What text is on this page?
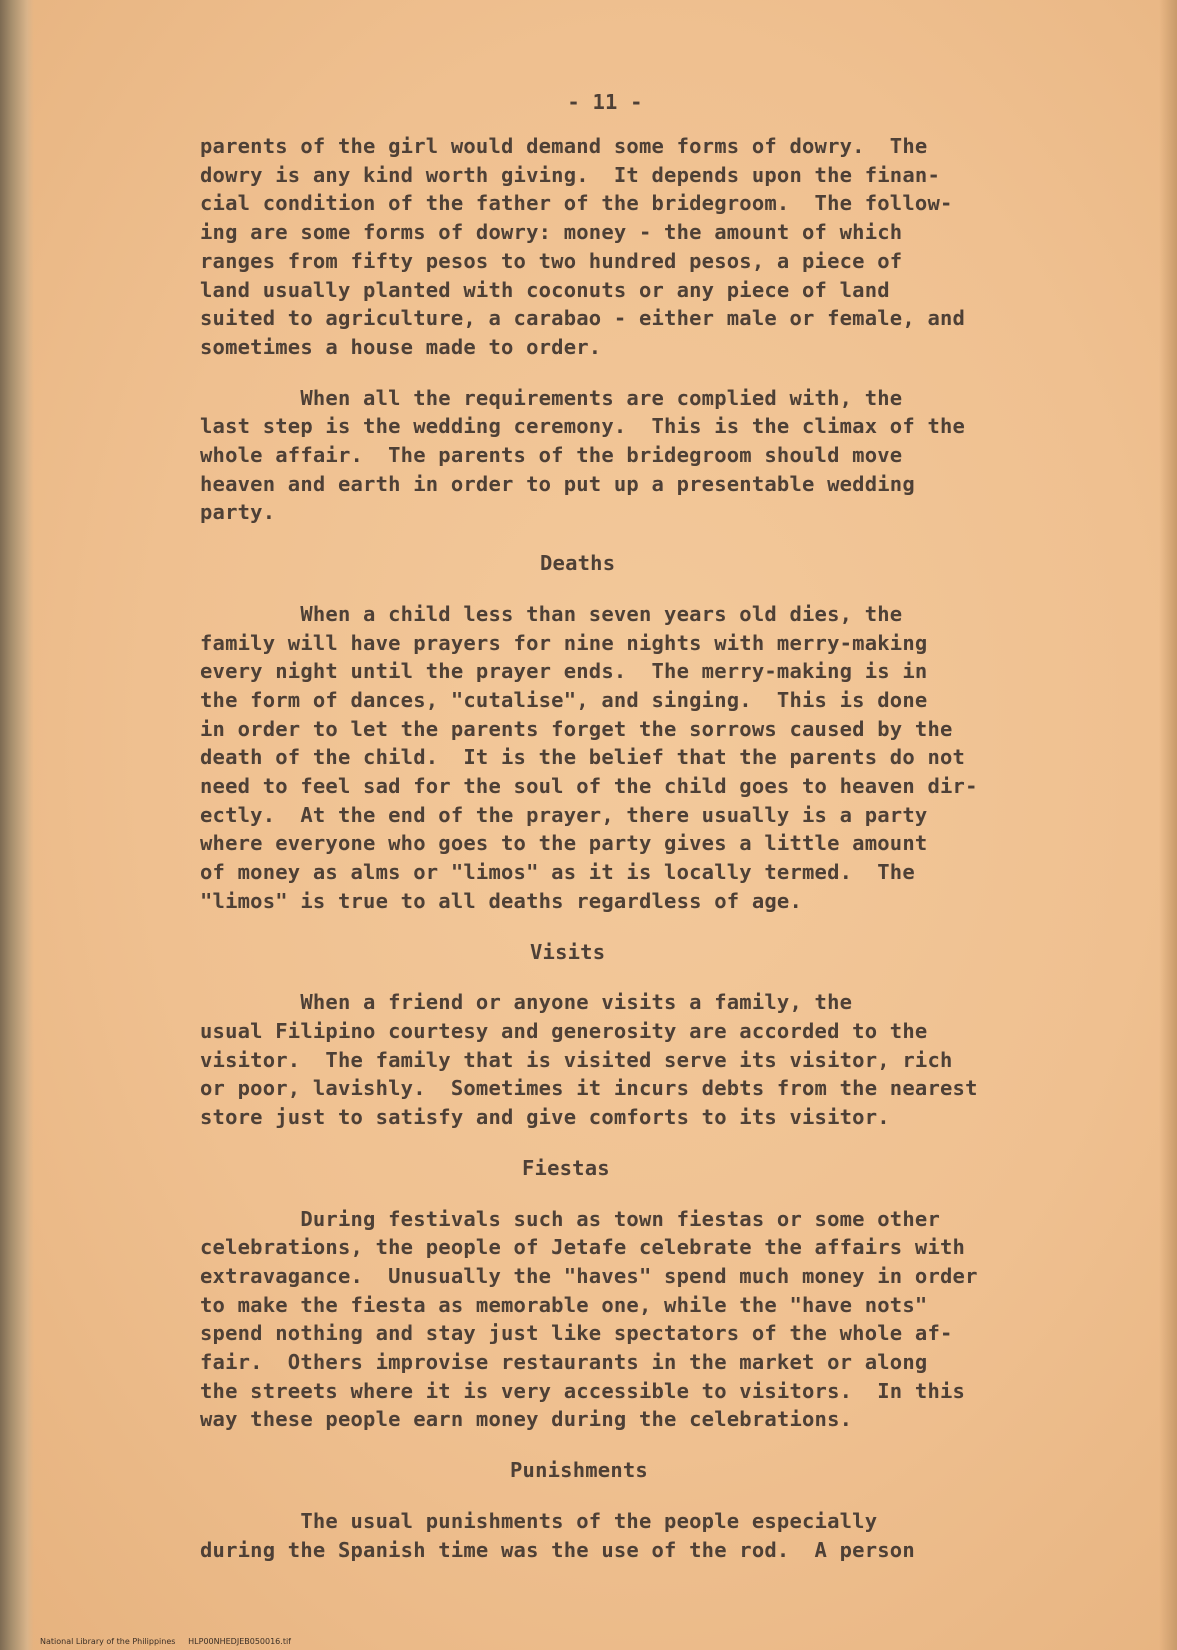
- 11 -
parents of the girl would demand some forms of dowry.  The
dowry is any kind worth giving.  It depends upon the finan-
cial condition of the father of the bridegroom.  The follow-
ing are some forms of dowry: money - the amount of which
ranges from fifty pesos to two hundred pesos, a piece of
land usually planted with coconuts or any piece of land
suited to agriculture, a carabao - either male or female, and
sometimes a house made to order.
When all the requirements are complied with, the
last step is the wedding ceremony.  This is the climax of the
whole affair.  The parents of the bridegroom should move
heaven and earth in order to put up a presentable wedding
party.
Deaths
When a child less than seven years old dies, the
family will have prayers for nine nights with merry-making
every night until the prayer ends.  The merry-making is in
the form of dances, "cutalise", and singing.  This is done
in order to let the parents forget the sorrows caused by the
death of the child.  It is the belief that the parents do not
need to feel sad for the soul of the child goes to heaven dir-
ectly.  At the end of the prayer, there usually is a party
where everyone who goes to the party gives a little amount
of money as alms or "limos" as it is locally termed.  The
"limos" is true to all deaths regardless of age.
Visits
When a friend or anyone visits a family, the
usual Filipino courtesy and generosity are accorded to the
visitor.  The family that is visited serve its visitor, rich
or poor, lavishly.  Sometimes it incurs debts from the nearest
store just to satisfy and give comforts to its visitor.
Fiestas
During festivals such as town fiestas or some other
celebrations, the people of Jetafe celebrate the affairs with
extravagance.  Unusually the "haves" spend much money in order
to make the fiesta as memorable one, while the "have nots"
spend nothing and stay just like spectators of the whole af-
fair.  Others improvise restaurants in the market or along
the streets where it is very accessible to visitors.  In this
way these people earn money during the celebrations.
Punishments
The usual punishments of the people especially
during the Spanish time was the use of the rod.  A person
National Library of the Philippines HLP00NHEDJEB050016.tif
